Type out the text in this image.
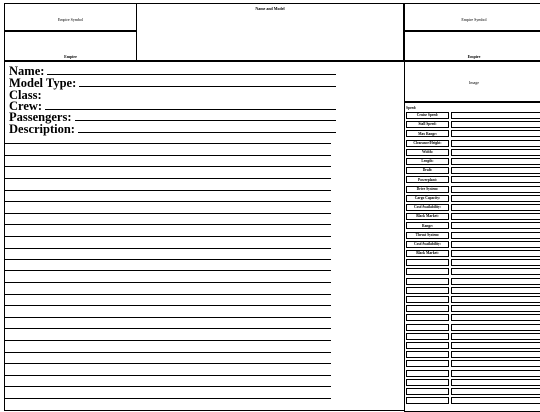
Empire Symbol
Empire
Name and Model
Empire Symbol
Empire
Name:
Model Type:
Class:
Crew:
Passengers:
Description:
Image
Speed:
Cruise Speed:
Stall Speed:
Max Range:
Clearance/Height:
Width:
Length:
Draft:
Powerplant:
Drive System:
Cargo Capacity:
Cost/Availability:
Black Market:
Range:
Thrust System:
Cost/Availability:
Black Market:
